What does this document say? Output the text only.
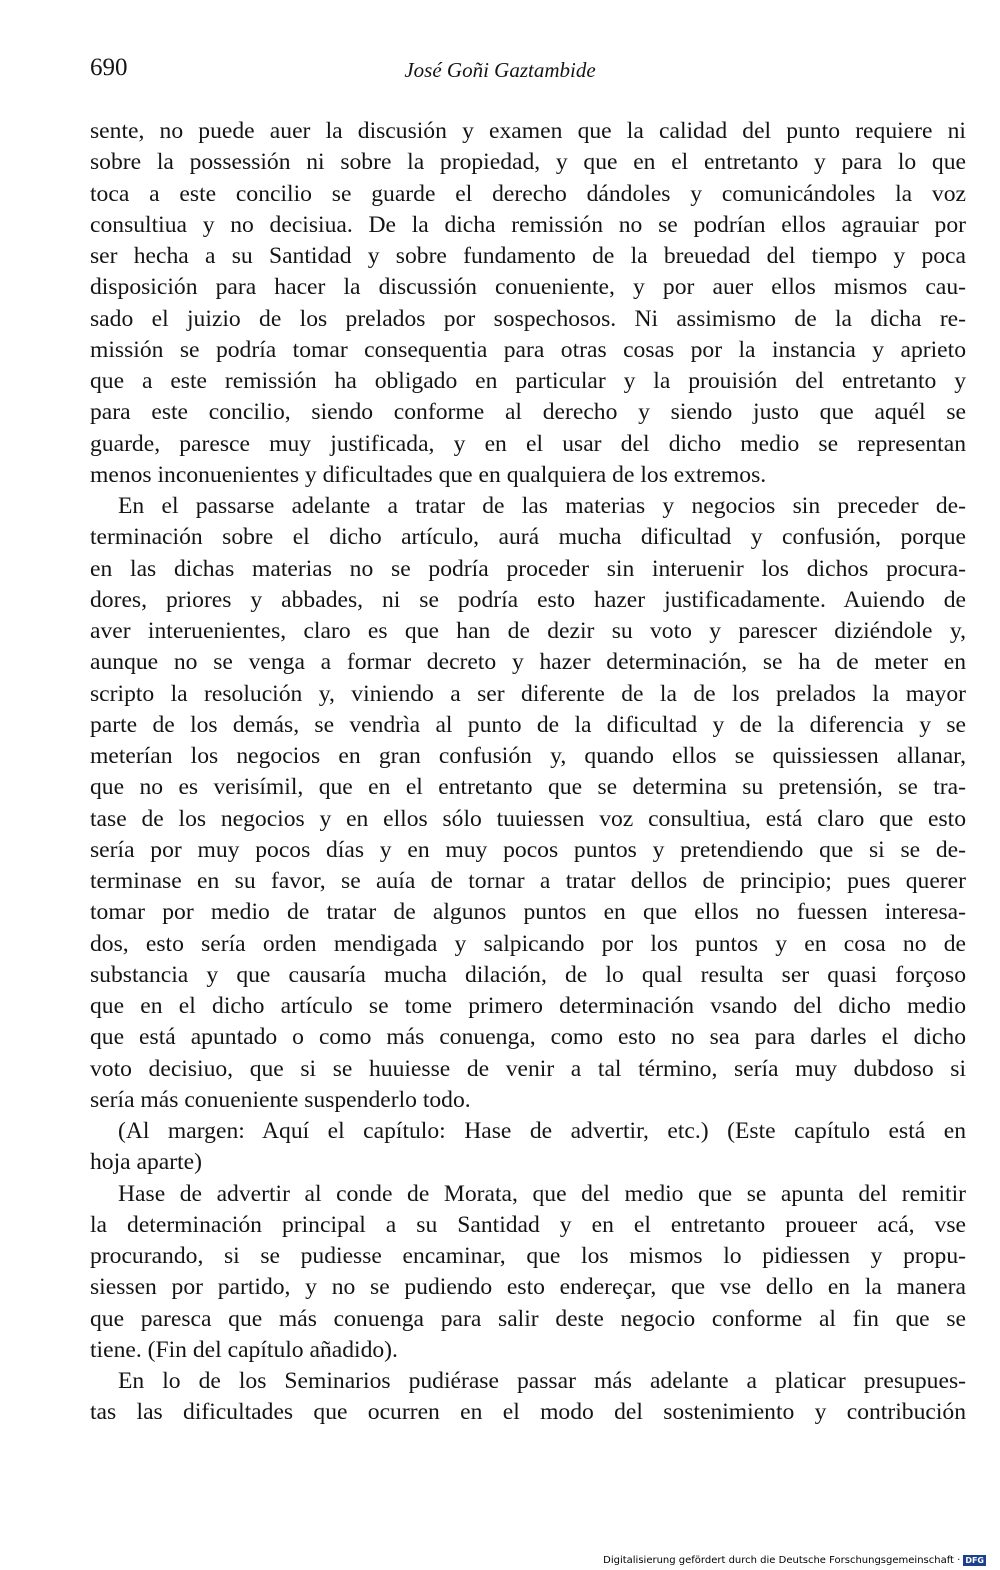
690	José Goñi Gaztambide
sente, no puede auer la discusión y examen que la calidad del punto requiere ni
sobre la possessión ni sobre la propiedad, y que en el entretanto y para lo que
toca a este concilio se guarde el derecho dándoles y comunicándoles la voz
consultiua y no decisiua. De la dicha remissión no se podrían ellos agrauiar por
ser hecha a su Santidad y sobre fundamento de la breuedad del tiempo y poca
disposición para hacer la discussión conueniente, y por auer ellos mismos cau-
sado el juizio de los prelados por sospechosos. Ni assimismo de la dicha re-
missión se podría tomar consequentia para otras cosas por la instancia y aprieto
que a este remissión ha obligado en particular y la prouisión del entretanto y
para este concilio, siendo conforme al derecho y siendo justo que aquél se
guarde, paresce muy justificada, y en el usar del dicho medio se representan
menos inconuenientes y dificultades que en qualquiera de los extremos.
En el passarse adelante a tratar de las materias y negocios sin preceder de-
terminación sobre el dicho artículo, aurá mucha dificultad y confusión, porque
en las dichas materias no se podría proceder sin interuenir los dichos procura-
dores, priores y abbades, ni se podría esto hazer justificadamente. Auiendo de
aver interuenientes, claro es que han de dezir su voto y parescer diziéndole y,
aunque no se venga a formar decreto y hazer determinación, se ha de meter en
scripto la resolución y, viniendo a ser diferente de la de los prelados la mayor
parte de los demás, se vendrìa al punto de la dificultad y de la diferencia y se
meterían los negocios en gran confusión y, quando ellos se quissiessen allanar,
que no es verisímil, que en el entretanto que se determina su pretensión, se tra-
tase de los negocios y en ellos sólo tuuiessen voz consultiua, está claro que esto
sería por muy pocos días y en muy pocos puntos y pretendiendo que si se de-
terminase en su favor, se auía de tornar a tratar dellos de principio; pues querer
tomar por medio de tratar de algunos puntos en que ellos no fuessen interesa-
dos, esto sería orden mendigada y salpicando por los puntos y en cosa no de
substancia y que causaría mucha dilación, de lo qual resulta ser quasi forçoso
que en el dicho artículo se tome primero determinación vsando del dicho medio
que está apuntado o como más conuenga, como esto no sea para darles el dicho
voto decisiuo, que si se huuiesse de venir a tal término, sería muy dubdoso si
sería más conueniente suspenderlo todo.
(Al margen: Aquí el capítulo: Hase de advertir, etc.) (Este capítulo está en
hoja aparte)
Hase de advertir al conde de Morata, que del medio que se apunta del remitir
la determinación principal a su Santidad y en el entretanto proueer acá, vse
procurando, si se pudiesse encaminar, que los mismos lo pidiessen y propu-
siessen por partido, y no se pudiendo esto endereçar, que vse dello en la manera
que paresca que más conuenga para salir deste negocio conforme al fin que se
tiene. (Fin del capítulo añadido).
En lo de los Seminarios pudiérase passar más adelante a platicar presupues-
tas las dificultades que ocurren en el modo del sostenimiento y contribución
Digitalisierung gefördert durch die Deutsche Forschungsgemeinschaft · DFG
